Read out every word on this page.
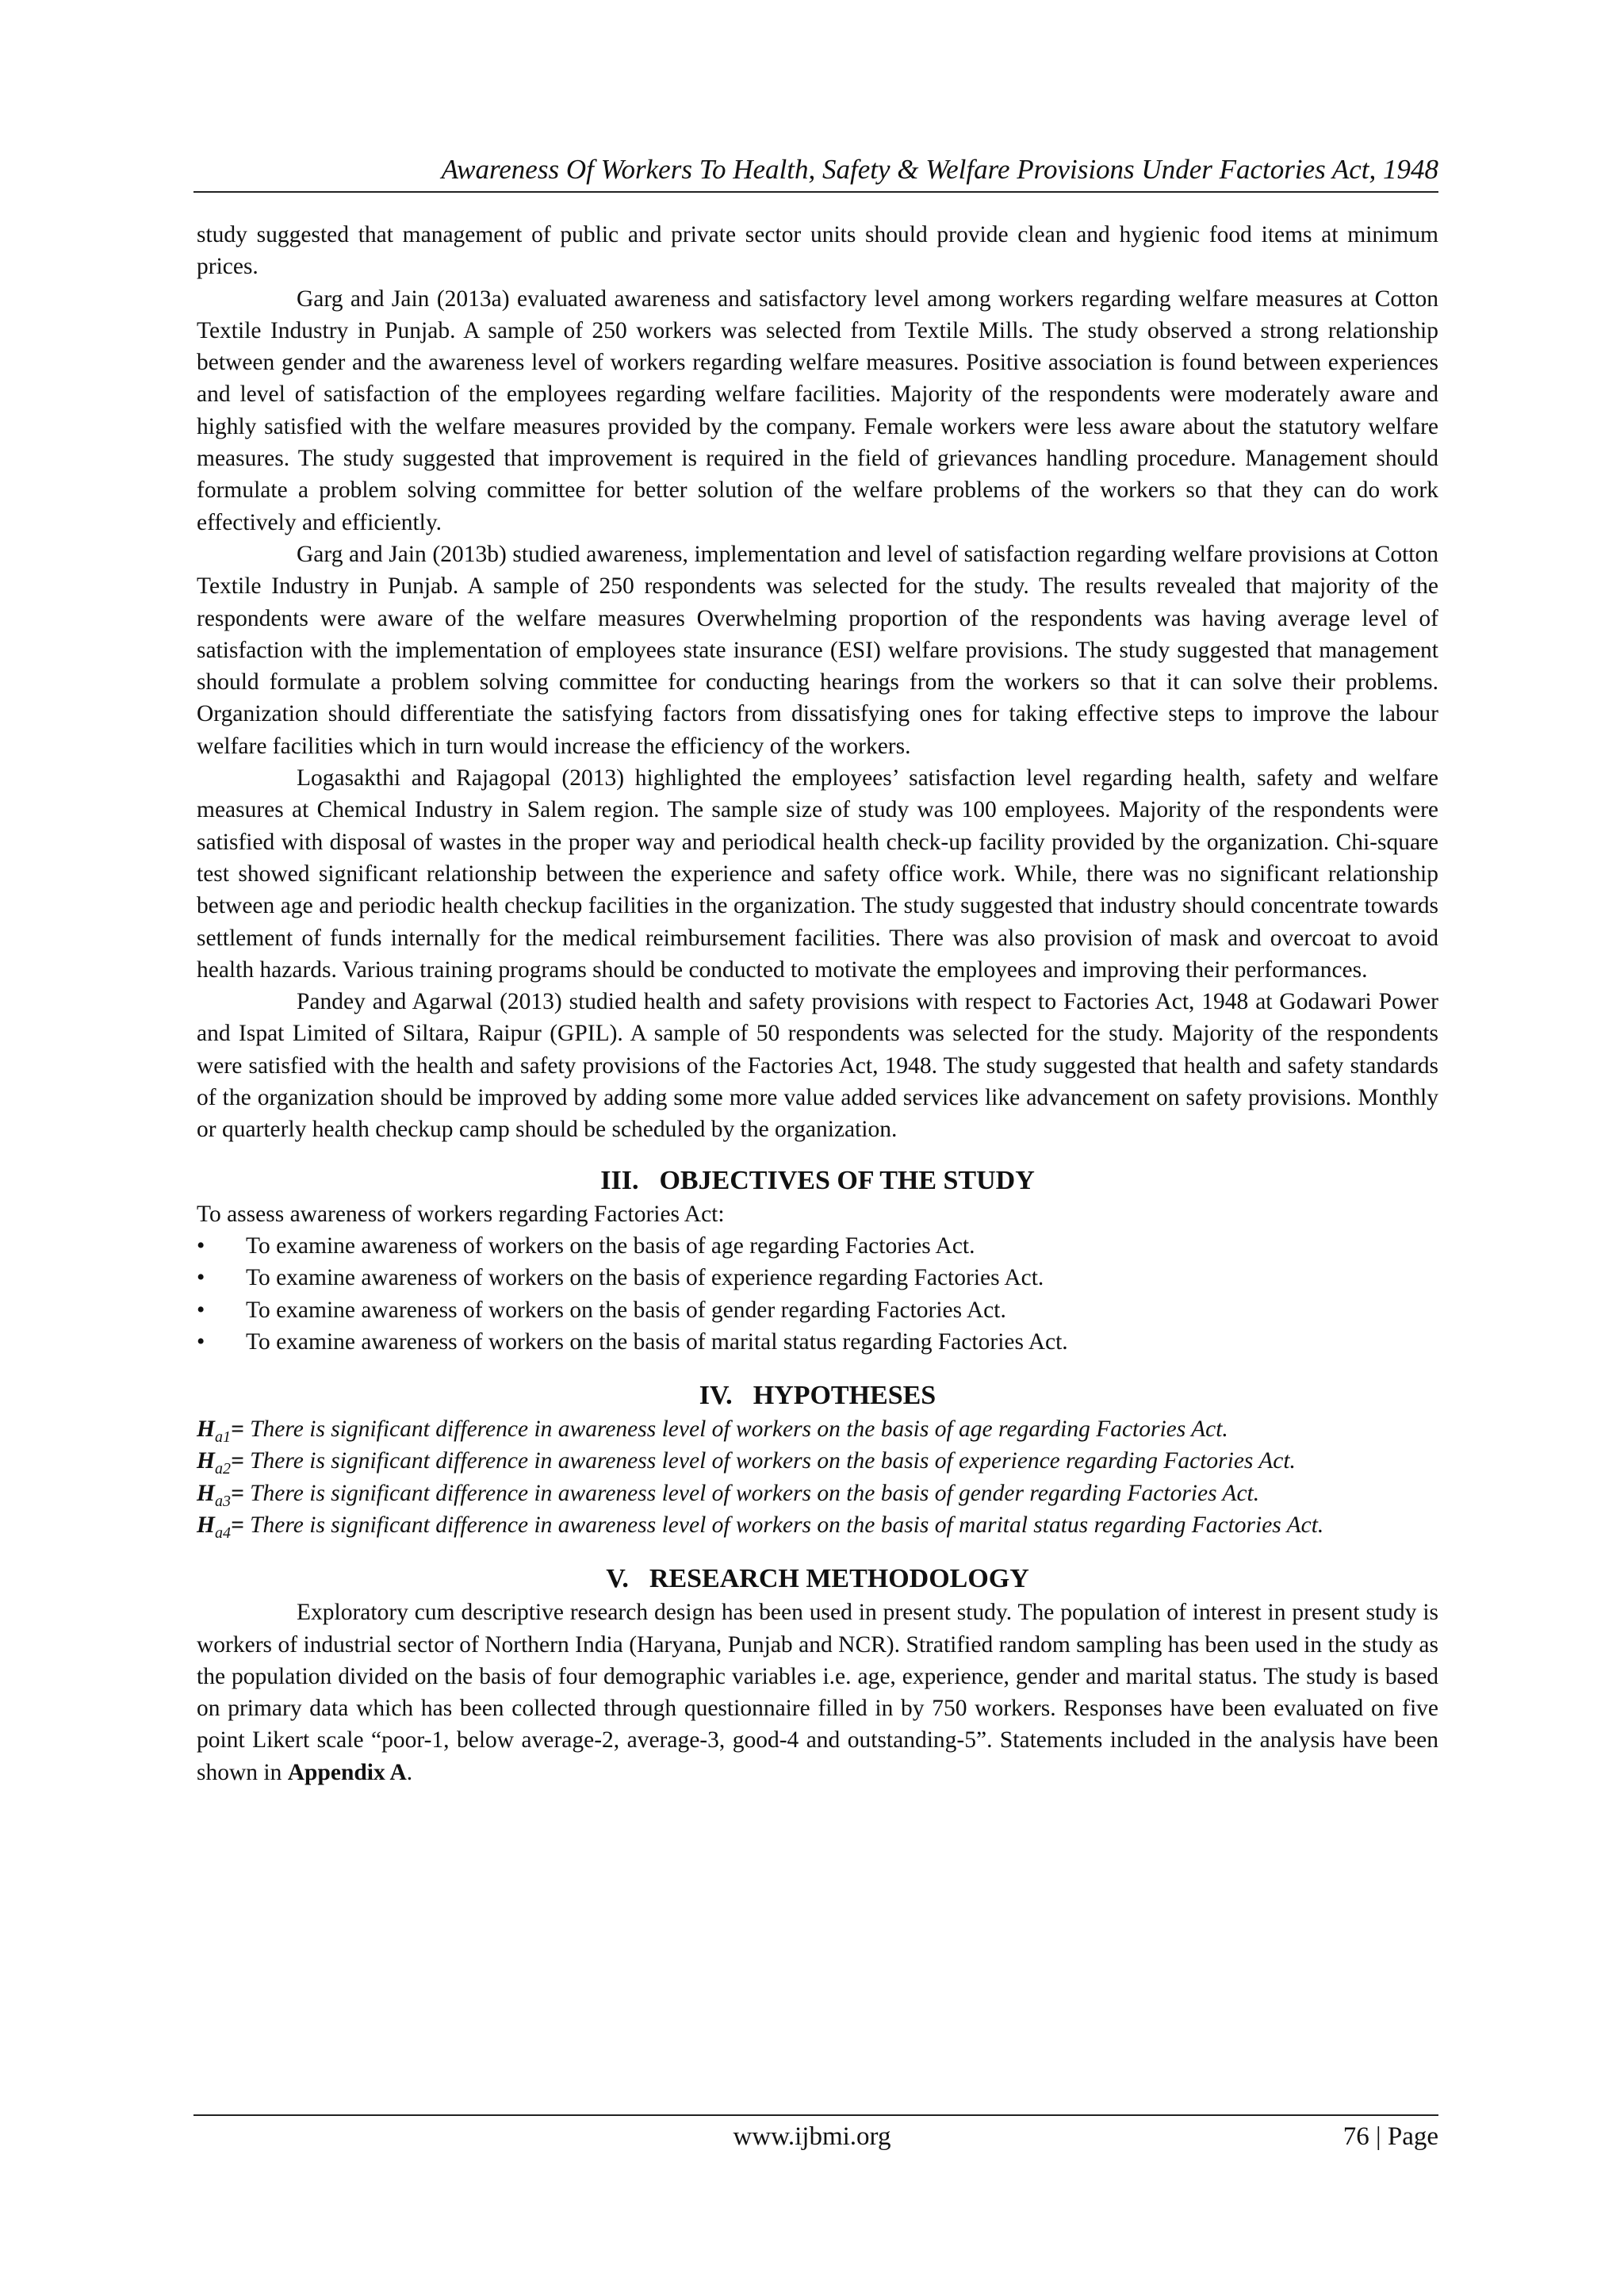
Awareness Of Workers To Health, Safety & Welfare Provisions Under Factories Act, 1948

study suggested that management of public and private sector units should provide clean and hygienic food items at minimum prices.

Garg and Jain (2013a) evaluated awareness and satisfactory level among workers regarding welfare measures at Cotton Textile Industry in Punjab. A sample of 250 workers was selected from Textile Mills. The study observed a strong relationship between gender and the awareness level of workers regarding welfare measures. Positive association is found between experiences and level of satisfaction of the employees regarding welfare facilities. Majority of the respondents were moderately aware and highly satisfied with the welfare measures provided by the company. Female workers were less aware about the statutory welfare measures. The study suggested that improvement is required in the field of grievances handling procedure. Management should formulate a problem solving committee for better solution of the welfare problems of the workers so that they can do work effectively and efficiently.

Garg and Jain (2013b) studied awareness, implementation and level of satisfaction regarding welfare provisions at Cotton Textile Industry in Punjab. A sample of 250 respondents was selected for the study. The results revealed that majority of the respondents were aware of the welfare measures Overwhelming proportion of the respondents was having average level of satisfaction with the implementation of employees state insurance (ESI) welfare provisions. The study suggested that management should formulate a problem solving committee for conducting hearings from the workers so that it can solve their problems. Organization should differentiate the satisfying factors from dissatisfying ones for taking effective steps to improve the labour welfare facilities which in turn would increase the efficiency of the workers.

Logasakthi and Rajagopal (2013) highlighted the employees’ satisfaction level regarding health, safety and welfare measures at Chemical Industry in Salem region. The sample size of study was 100 employees. Majority of the respondents were satisfied with disposal of wastes in the proper way and periodical health check-up facility provided by the organization. Chi-square test showed significant relationship between the experience and safety office work. While, there was no significant relationship between age and periodic health checkup facilities in the organization. The study suggested that industry should concentrate towards settlement of funds internally for the medical reimbursement facilities. There was also provision of mask and overcoat to avoid health hazards. Various training programs should be conducted to motivate the employees and improving their performances.

Pandey and Agarwal (2013) studied health and safety provisions with respect to Factories Act, 1948 at Godawari Power and Ispat Limited of Siltara, Raipur (GPIL). A sample of 50 respondents was selected for the study. Majority of the respondents were satisfied with the health and safety provisions of the Factories Act, 1948. The study suggested that health and safety standards of the organization should be improved by adding some more value added services like advancement on safety provisions. Monthly or quarterly health checkup camp should be scheduled by the organization.

III. OBJECTIVES OF THE STUDY

To assess awareness of workers regarding Factories Act:

• To examine awareness of workers on the basis of age regarding Factories Act.
• To examine awareness of workers on the basis of experience regarding Factories Act.
• To examine awareness of workers on the basis of gender regarding Factories Act.
• To examine awareness of workers on the basis of marital status regarding Factories Act.
IV. HYPOTHESES

$H_{a1}=$ There is significant difference in awareness level of workers on the basis of age regarding Factories Act.

$H_{a2}=$ There is significant difference in awareness level of workers on the basis of experience regarding Factories Act.

$H_{a3}=$ There is significant difference in awareness level of workers on the basis of gender regarding Factories Act.

$H_{a4}=$ There is significant difference in awareness level of workers on the basis of marital status regarding Factories Act.

V. RESEARCH METHODOLOGY

Exploratory cum descriptive research design has been used in present study. The population of interest in present study is workers of industrial sector of Northern India (Haryana, Punjab and NCR). Stratified random sampling has been used in the study as the population divided on the basis of four demographic variables i.e. age, experience, gender and marital status. The study is based on primary data which has been collected through questionnaire filled in by 750 workers. Responses have been evaluated on five point Likert scale “poor-1, below average-2, average-3, good-4 and outstanding-5”. Statements included in the analysis have been shown in Appendix A.

www.ijbmi.org	76 | Page
